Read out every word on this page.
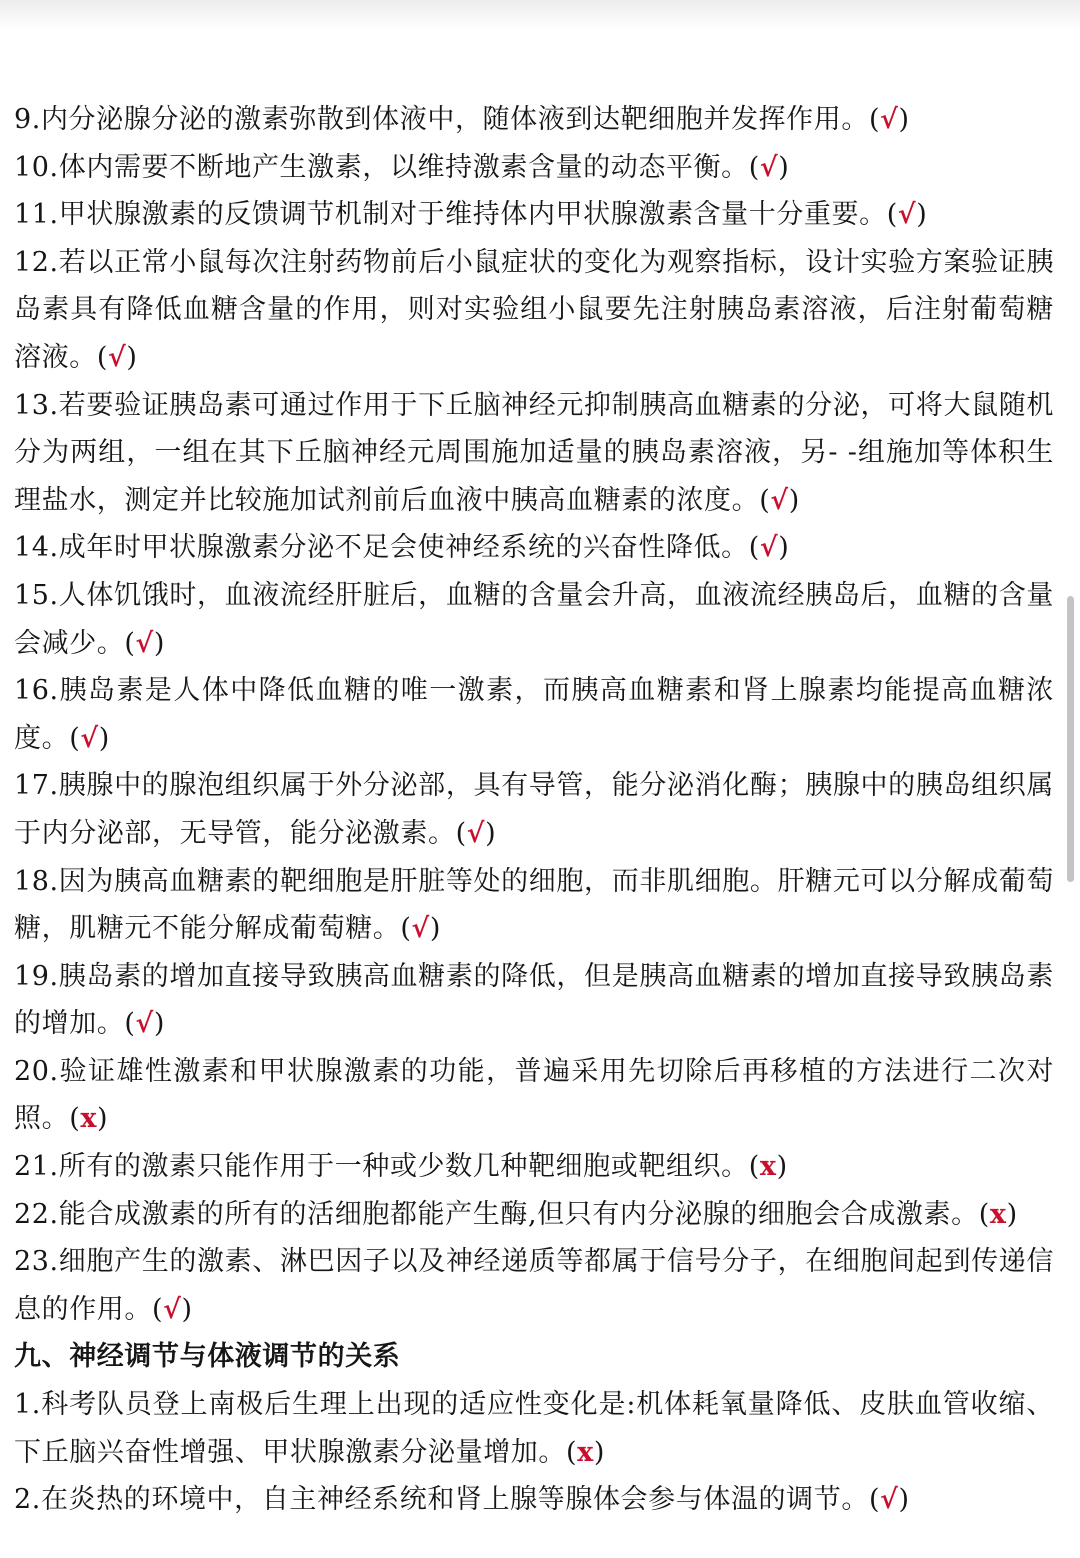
9.内分泌腺分泌的激素弥散到体液中，随体液到达靶细胞并发挥作用。(√)

10.体内需要不断地产生激素，以维持激素含量的动态平衡。(√)

11.甲状腺激素的反馈调节机制对于维持体内甲状腺激素含量十分重要。(√)

12.若以正常小鼠每次注射药物前后小鼠症状的变化为观察指标，设计实验方案验证胰岛素具有降低血糖含量的作用，则对实验组小鼠要先注射胰岛素溶液，后注射葡萄糖溶液。(√)

13.若要验证胰岛素可通过作用于下丘脑神经元抑制胰高血糖素的分泌，可将大鼠随机分为两组，一组在其下丘脑神经元周围施加适量的胰岛素溶液，另- -组施加等体积生理盐水，测定并比较施加试剂前后血液中胰高血糖素的浓度。(√)

14.成年时甲状腺激素分泌不足会使神经系统的兴奋性降低。(√)

15.人体饥饿时，血液流经肝脏后，血糖的含量会升高，血液流经胰岛后，血糖的含量会减少。(√)

16.胰岛素是人体中降低血糖的唯一激素，而胰高血糖素和肾上腺素均能提高血糖浓度。(√)

17.胰腺中的腺泡组织属于外分泌部，具有导管，能分泌消化酶；胰腺中的胰岛组织属于内分泌部，无导管，能分泌激素。(√)

18.因为胰高血糖素的靶细胞是肝脏等处的细胞，而非肌细胞。肝糖元可以分解成葡萄糖，肌糖元不能分解成葡萄糖。(√)

19.胰岛素的增加直接导致胰高血糖素的降低，但是胰高血糖素的增加直接导致胰岛素的增加。(√)

20.验证雄性激素和甲状腺激素的功能，普遍采用先切除后再移植的方法进行二次对照。(x)

21.所有的激素只能作用于一种或少数几种靶细胞或靶组织。(x)

22.能合成激素的所有的活细胞都能产生酶,但只有内分泌腺的细胞会合成激素。(x)

23.细胞产生的激素、淋巴因子以及神经递质等都属于信号分子，在细胞间起到传递信息的作用。(√)

九、神经调节与体液调节的关系

1.科考队员登上南极后生理上出现的适应性变化是:机体耗氧量降低、皮肤血管收缩、下丘脑兴奋性增强、甲状腺激素分泌量增加。(x)

2.在炎热的环境中，自主神经系统和肾上腺等腺体会参与体温的调节。(√)
